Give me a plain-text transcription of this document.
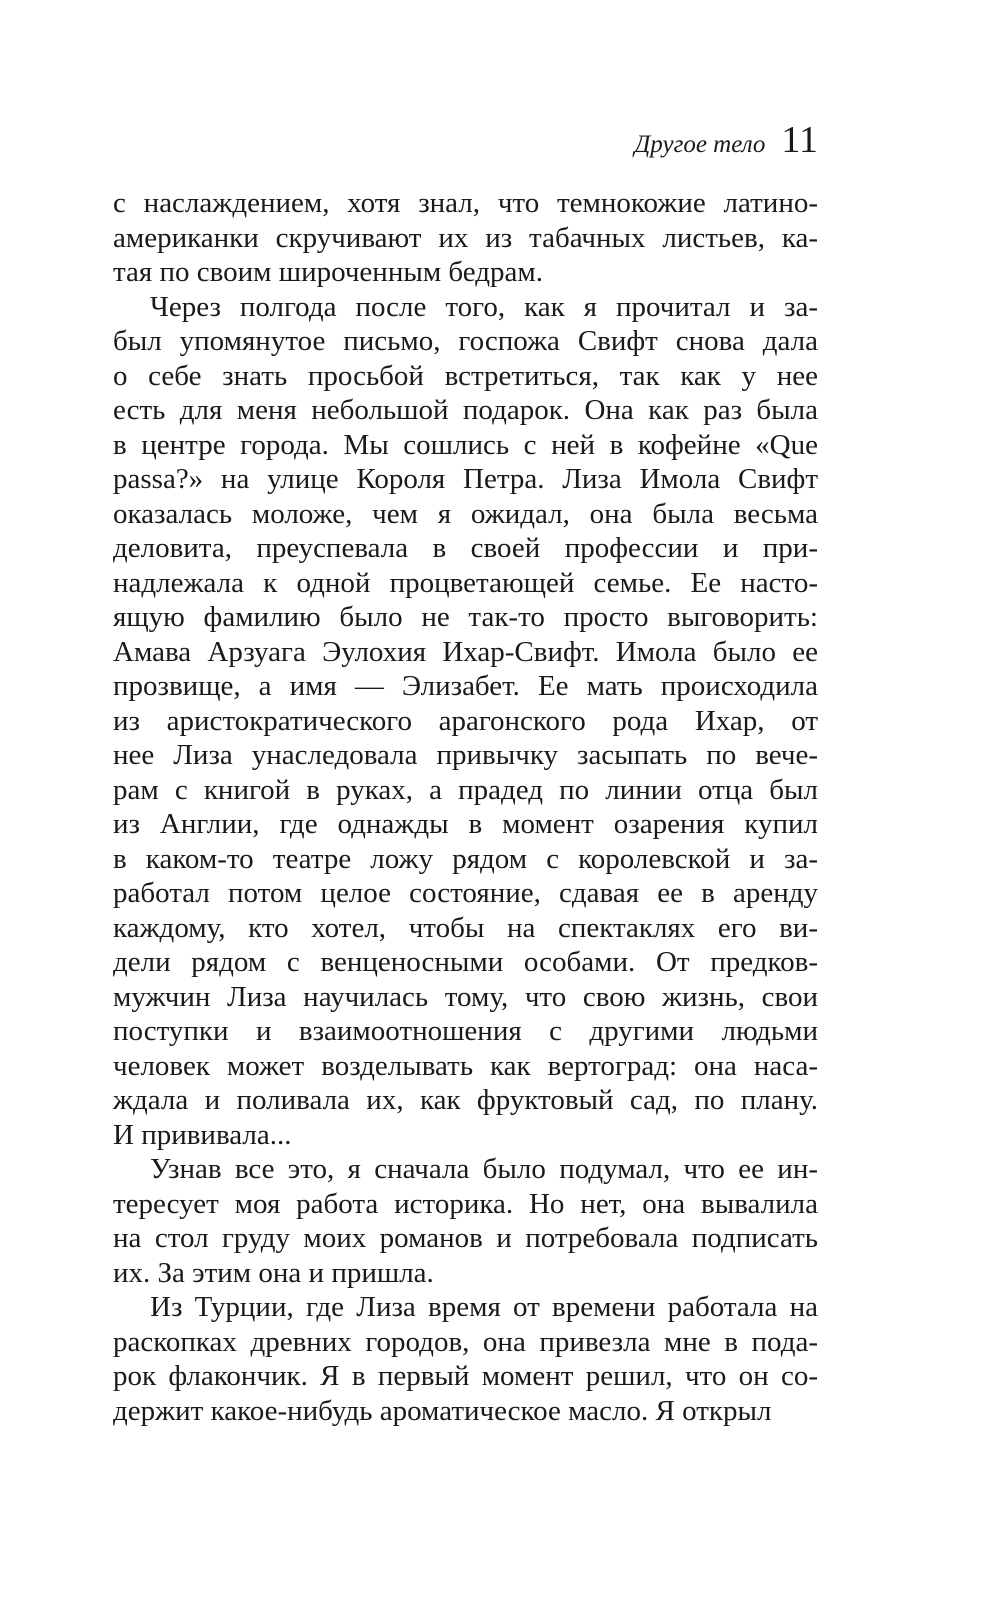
Другое тело 11
с наслаждением, хотя знал, что темнокожие латино-
американки скручивают их из табачных листьев, ка-
тая по своим широченным бедрам.
Через полгода после того, как я прочитал и за-
был упомянутое письмо, госпожа Свифт снова дала
о себе знать просьбой встретиться, так как у нее
есть для меня небольшой подарок. Она как раз была
в центре города. Мы сошлись с ней в кофейне «Que
passa?» на улице Короля Петра. Лиза Имола Свифт
оказалась моложе, чем я ожидал, она была весьма
деловита, преуспевала в своей профессии и при-
надлежала к одной процветающей семье. Ее насто-
ящую фамилию было не так-то просто выговорить:
Амава Арзуага Эулохия Ихар-Свифт. Имола было ее
прозвище, а имя — Элизабет. Ее мать происходила
из аристократического арагонского рода Ихар, от
нее Лиза унаследовала привычку засыпать по вече-
рам с книгой в руках, а прадед по линии отца был
из Англии, где однажды в момент озарения купил
в каком-то театре ложу рядом с королевской и за-
работал потом целое состояние, сдавая ее в аренду
каждому, кто хотел, чтобы на спектаклях его ви-
дели рядом с венценосными особами. От предков-
мужчин Лиза научилась тому, что свою жизнь, свои
поступки и взаимоотношения с другими людьми
человек может возделывать как вертоград: она наса-
ждала и поливала их, как фруктовый сад, по плану.
И прививала...
Узнав все это, я сначала было подумал, что ее ин-
тересует моя работа историка. Но нет, она вывалила
на стол груду моих романов и потребовала подписать
их. За этим она и пришла.
Из Турции, где Лиза время от времени работала на
раскопках древних городов, она привезла мне в пода-
рок флакончик. Я в первый момент решил, что он со-
держит какое-нибудь ароматическое масло. Я открыл
